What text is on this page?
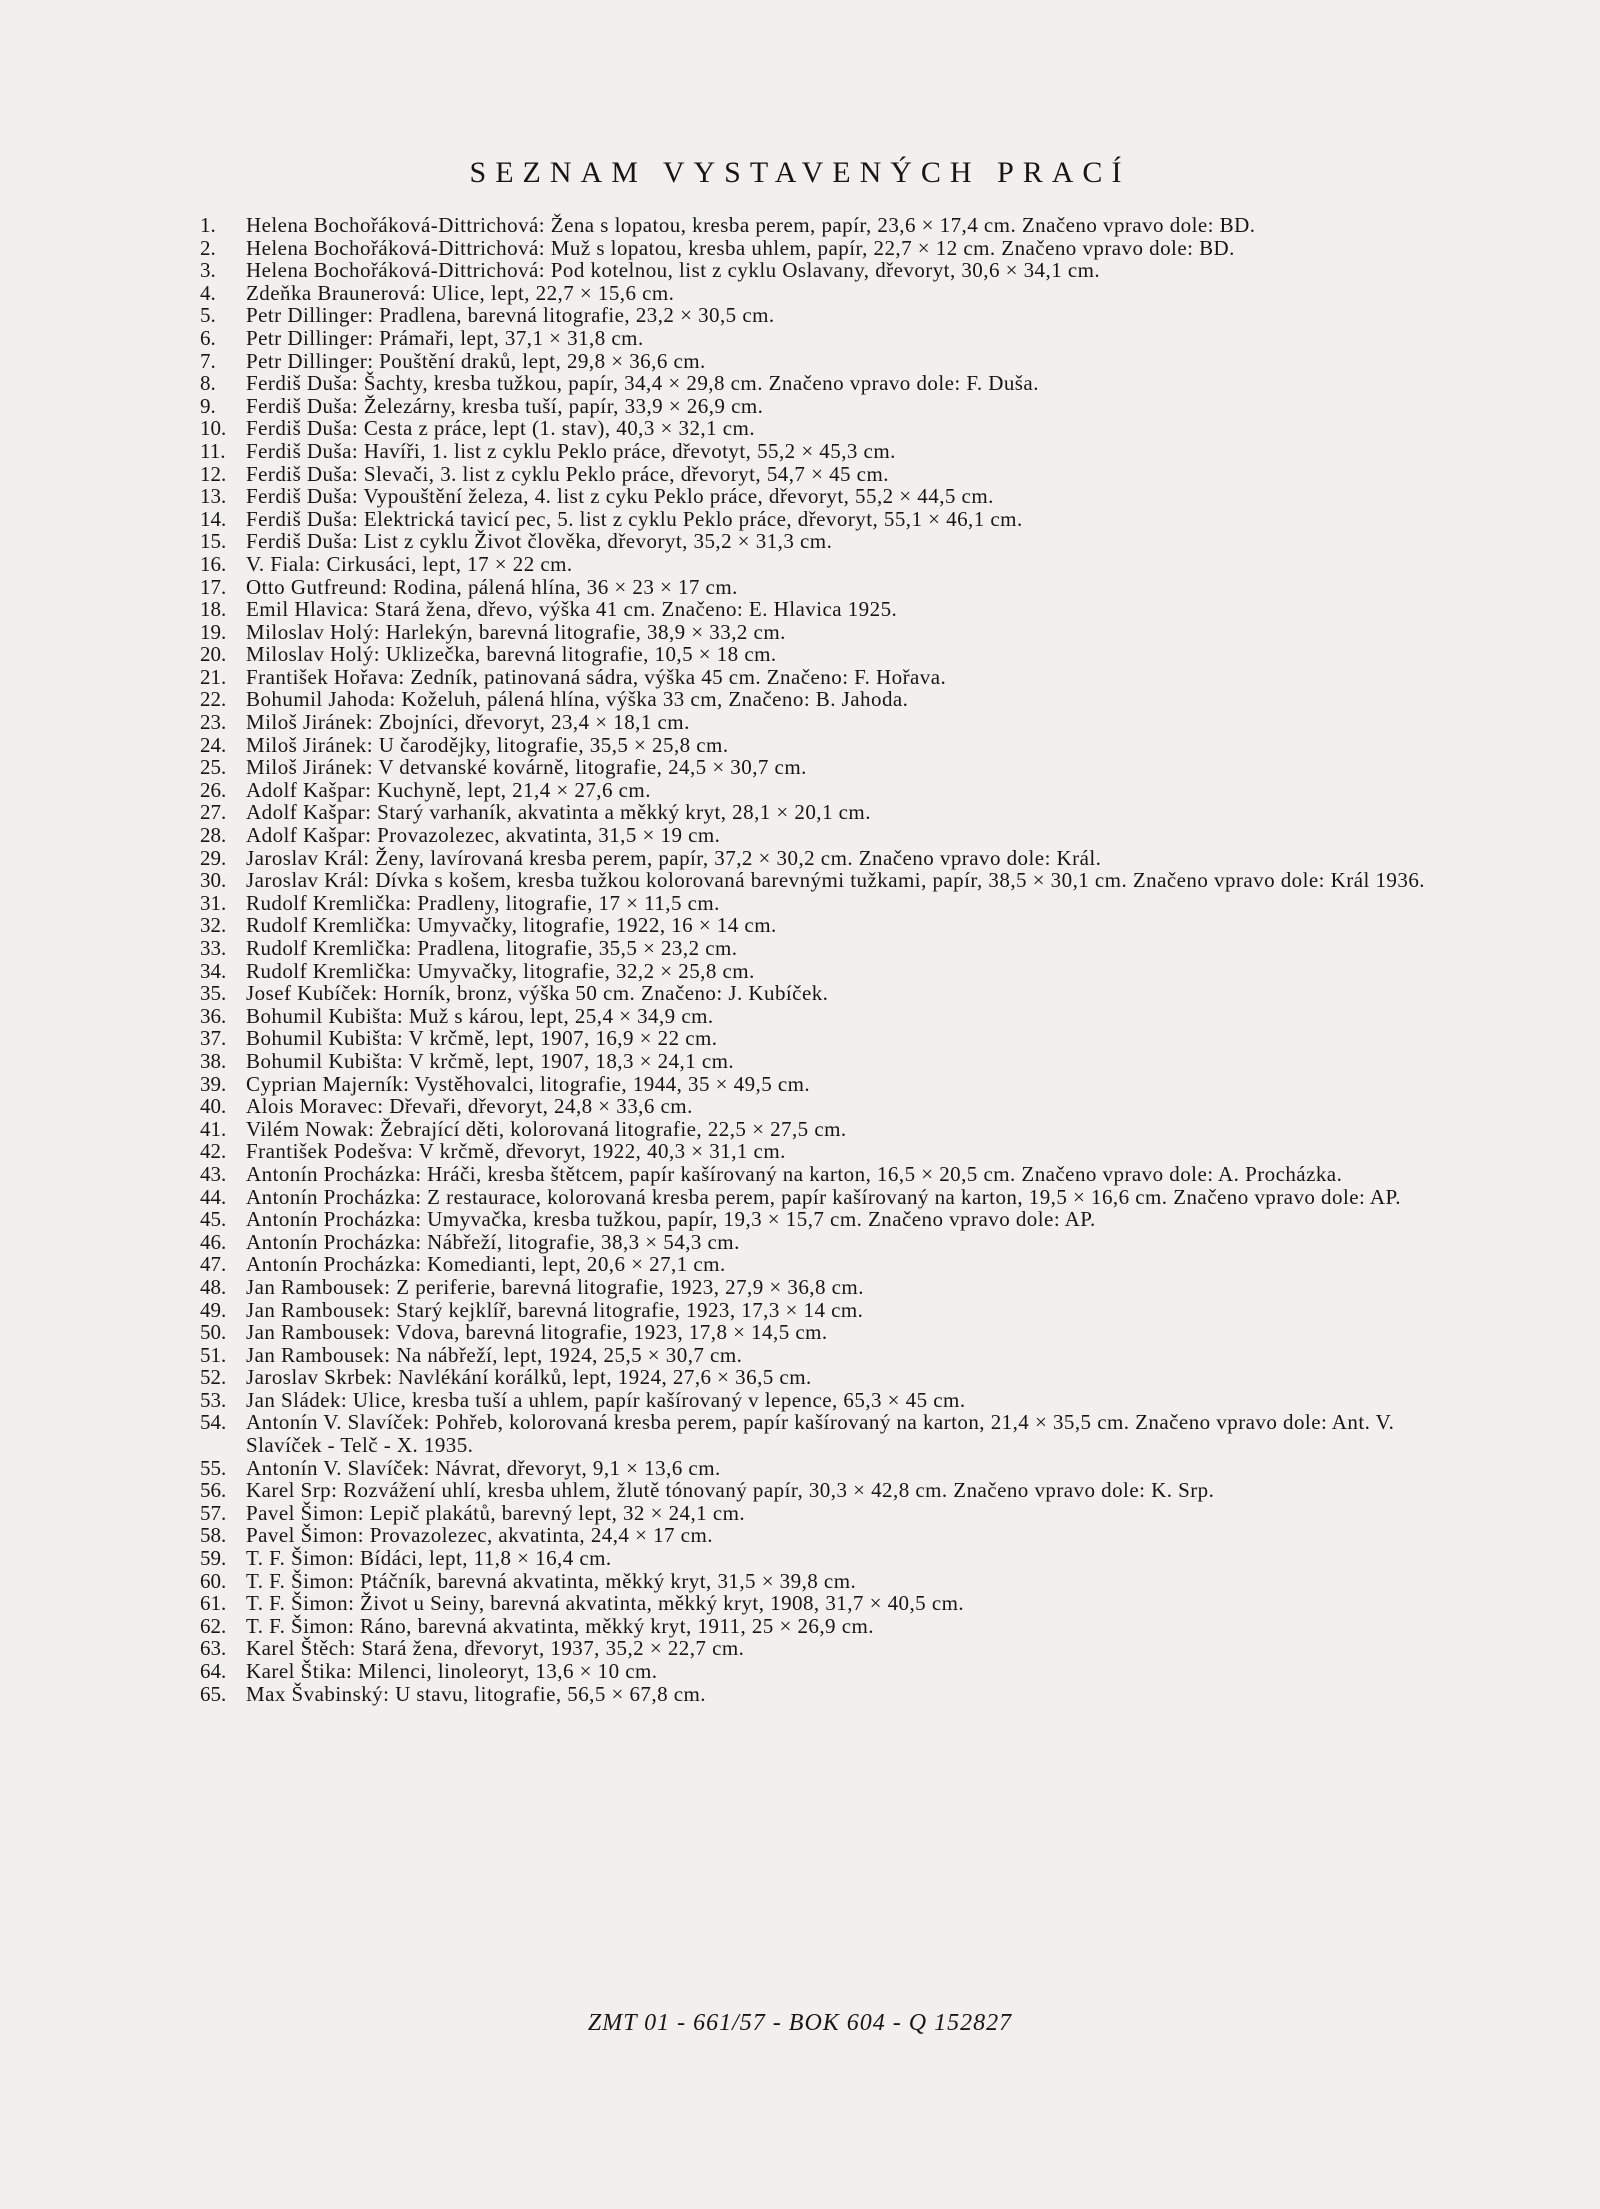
SEZNAM VYSTAVENÝCH PRACÍ
1.	Helena Bochořáková-Dittrichová: Žena s lopatou, kresba perem, papír, 23,6 × 17,4 cm. Značeno vpravo dole: BD.
2.	Helena Bochořáková-Dittrichová: Muž s lopatou, kresba uhlem, papír, 22,7 × 12 cm. Značeno vpravo dole: BD.
3.	Helena Bochořáková-Dittrichová: Pod kotelnou, list z cyklu Oslavany, dřevoryt, 30,6 × 34,1 cm.
4.	Zdeňka Braunerová: Ulice, lept, 22,7 × 15,6 cm.
5.	Petr Dillinger: Pradlena, barevná litografie, 23,2 × 30,5 cm.
6.	Petr Dillinger: Prámaři, lept, 37,1 × 31,8 cm.
7.	Petr Dillinger: Pouštění draků, lept, 29,8 × 36,6 cm.
8.	Ferdiš Duša: Šachty, kresba tužkou, papír, 34,4 × 29,8 cm. Značeno vpravo dole: F. Duša.
9.	Ferdiš Duša: Železárny, kresba tuší, papír, 33,9 × 26,9 cm.
10. Ferdiš Duša: Cesta z práce, lept (1. stav), 40,3 × 32,1 cm.
11. Ferdiš Duša: Havíři, 1. list z cyklu Peklo práce, dřevotyt, 55,2 × 45,3 cm.
12. Ferdiš Duša: Slevači, 3. list z cyklu Peklo práce, dřevoryt, 54,7 × 45 cm.
13. Ferdiš Duša: Vypouštění železa, 4. list z cyku Peklo práce, dřevoryt, 55,2 × 44,5 cm.
14. Ferdiš Duša: Elektrická tavicí pec, 5. list z cyklu Peklo práce, dřevoryt, 55,1 × 46,1 cm.
15. Ferdiš Duša: List z cyklu Život člověka, dřevoryt, 35,2 × 31,3 cm.
16. V. Fiala: Cirkusáci, lept, 17 × 22 cm.
17. Otto Gutfreund: Rodina, pálená hlína, 36 × 23 × 17 cm.
18. Emil Hlavica: Stará žena, dřevo, výška 41 cm. Značeno: E. Hlavica 1925.
19. Miloslav Holý: Harlekýn, barevná litografie, 38,9 × 33,2 cm.
20. Miloslav Holý: Uklizečka, barevná litografie, 10,5 × 18 cm.
21. František Hořava: Zedník, patinovaná sádra, výška 45 cm. Značeno: F. Hořava.
22. Bohumil Jahoda: Koželuh, pálená hlína, výška 33 cm, Značeno: B. Jahoda.
23. Miloš Jiránek: Zbojníci, dřevoryt, 23,4 × 18,1 cm.
24. Miloš Jiránek: U čarodějky, litografie, 35,5 × 25,8 cm.
25. Miloš Jiránek: V detvanské kovárně, litografie, 24,5 × 30,7 cm.
26. Adolf Kašpar: Kuchyně, lept, 21,4 × 27,6 cm.
27. Adolf Kašpar: Starý varhaník, akvatinta a měkký kryt, 28,1 × 20,1 cm.
28. Adolf Kašpar: Provazolezec, akvatinta, 31,5 × 19 cm.
29. Jaroslav Král: Ženy, lavírovaná kresba perem, papír, 37,2 × 30,2 cm. Značeno vpravo dole: Král.
30. Jaroslav Král: Dívka s košem, kresba tužkou kolorovaná barevnými tužkami, papír, 38,5 × 30,1 cm. Značeno vpravo dole: Král 1936.
31. Rudolf Kremlička: Pradleny, litografie, 17 × 11,5 cm.
32. Rudolf Kremlička: Umyvačky, litografie, 1922, 16 × 14 cm.
33. Rudolf Kremlička: Pradlena, litografie, 35,5 × 23,2 cm.
34. Rudolf Kremlička: Umyvačky, litografie, 32,2 × 25,8 cm.
35. Josef Kubíček: Horník, bronz, výška 50 cm. Značeno: J. Kubíček.
36. Bohumil Kubišta: Muž s károu, lept, 25,4 × 34,9 cm.
37. Bohumil Kubišta: V krčmě, lept, 1907, 16,9 × 22 cm.
38. Bohumil Kubišta: V krčmě, lept, 1907, 18,3 × 24,1 cm.
39. Cyprian Majerník: Vystěhovalci, litografie, 1944, 35 × 49,5 cm.
40. Alois Moravec: Dřevaři, dřevoryt, 24,8 × 33,6 cm.
41. Vilém Nowak: Žebrající děti, kolorovaná litografie, 22,5 × 27,5 cm.
42. František Podešva: V krčmě, dřevoryt, 1922, 40,3 × 31,1 cm.
43. Antonín Procházka: Hráči, kresba štětcem, papír kašírovaný na karton, 16,5 × 20,5 cm. Značeno vpravo dole: A. Procházka.
44. Antonín Procházka: Z restaurace, kolorovaná kresba perem, papír kašírovaný na karton, 19,5 × 16,6 cm. Značeno vpravo dole: AP.
45. Antonín Procházka: Umyvačka, kresba tužkou, papír, 19,3 × 15,7 cm. Značeno vpravo dole: AP.
46. Antonín Procházka: Nábřeží, litografie, 38,3 × 54,3 cm.
47. Antonín Procházka: Komedianti, lept, 20,6 × 27,1 cm.
48. Jan Rambousek: Z periferie, barevná litografie, 1923, 27,9 × 36,8 cm.
49. Jan Rambousek: Starý kejklíř, barevná litografie, 1923, 17,3 × 14 cm.
50. Jan Rambousek: Vdova, barevná litografie, 1923, 17,8 × 14,5 cm.
51. Jan Rambousek: Na nábřeží, lept, 1924, 25,5 × 30,7 cm.
52. Jaroslav Skrbek: Navlékání korálků, lept, 1924, 27,6 × 36,5 cm.
53. Jan Sládek: Ulice, kresba tuší a uhlem, papír kašírovaný v lepence, 65,3 × 45 cm.
54. Antonín V. Slavíček: Pohřeb, kolorovaná kresba perem, papír kašírovaný na karton, 21,4 × 35,5 cm. Značeno vpravo dole: Ant. V. Slavíček - Telč - X. 1935.
55. Antonín V. Slavíček: Návrat, dřevoryt, 9,1 × 13,6 cm.
56. Karel Srp: Rozvážení uhlí, kresba uhlem, žlutě tónovaný papír, 30,3 × 42,8 cm. Značeno vpravo dole: K. Srp.
57. Pavel Šimon: Lepič plakátů, barevný lept, 32 × 24,1 cm.
58. Pavel Šimon: Provazolezec, akvatinta, 24,4 × 17 cm.
59. T. F. Šimon: Bídáci, lept, 11,8 × 16,4 cm.
60. T. F. Šimon: Ptáčník, barevná akvatinta, měkký kryt, 31,5 × 39,8 cm.
61. T. F. Šimon: Život u Seiny, barevná akvatinta, měkký kryt, 1908, 31,7 × 40,5 cm.
62. T. F. Šimon: Ráno, barevná akvatinta, měkký kryt, 1911, 25 × 26,9 cm.
63. Karel Štěch: Stará žena, dřevoryt, 1937, 35,2 × 22,7 cm.
64. Karel Štika: Milenci, linoleoryt, 13,6 × 10 cm.
65. Max Švabinský: U stavu, litografie, 56,5 × 67,8 cm.
ZMT 01 - 661/57 - BOK 604 - Q 152827
